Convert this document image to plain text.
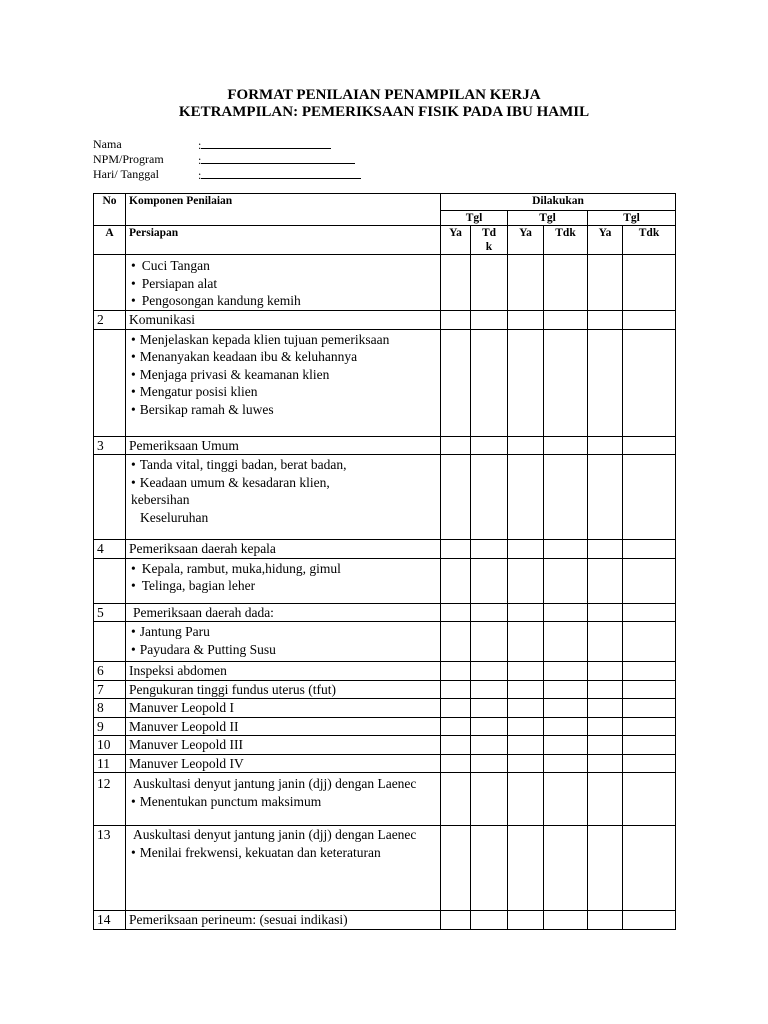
FORMAT PENILAIAN PENAMPILAN KERJA
KETRAMPILAN: PEMERIKSAAN FISIK PADA IBU HAMIL
Nama	:
NPM/Program	:
Hari/ Tanggal	:
No	Komponen Penilaian	Dilakukan					
		Tgl		Tgl		Tgl	
A	Persiapan	Ya	Td k	Ya	Tdk	Ya	Tdk

	• Cuci Tangan
• Persiapan alat
• Pengosongan kandung kemih

2	Komunikasi						

	• Menjelaskan kepada klien tujuan pemeriksaan
• Menanyakan keadaan ibu & keluhannya
• Menjaga privasi & keamanan klien
• Mengatur posisi klien
• Bersikap ramah & luwes

3	Pemeriksaan Umum						

	• Tanda vital, tinggi badan, berat badan,
• Keadaan umum & kesadaran klien, kebersihan
Keseluruhan

4	Pemeriksaan daerah kepala						

	• Kepala, rambut, muka,hidung, gimul
• Telinga, bagian leher

5	Pemeriksaan daerah dada:						

	• Jantung Paru
• Payudara & Putting Susu

6	Inspeksi abdomen						
7	Pengukuran tinggi fundus uterus (tfut)						
8	Manuver Leopold I						
9	Manuver Leopold II						
10	Manuver Leopold III						
11	Manuver Leopold IV						
12	Auskultasi denyut jantung janin (djj) dengan Laenec
• Menentukan punctum maksimum

13	Auskultasi denyut jantung janin (djj) dengan Laenec
• Menilai frekwensi, kekuatan dan keteraturan

14	Pemeriksaan perineum: (sesuai indikasi)						
